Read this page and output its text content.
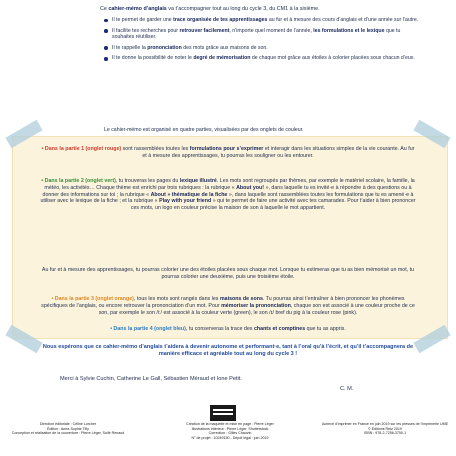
Ce cahier-mémo d’anglais va t’accompagner tout au long du cycle 3, du CM1 à la sixième.
Il te permet de garder une trace organisée de tes apprentissages au fur et à mesure des cours d’anglais et d’une année sur l’autre.
Il facilite tes recherches pour retrouver facilement, n’importe quel moment de l’année, les formulations et le lexique que tu souhaites réutiliser.
Il te rappelle la prononciation des mots grâce aux maisons de son.
Il te donne la possibilité de noter le degré de mémorisation de chaque mot grâce aux étoiles à colorier placées sous chacun d’eux.
Le cahier-mémo est organisé en quatre parties, visualisées par des onglets de couleur.
• Dans la partie 1 (onglet rouge) sont rassemblées toutes les formulations pour s’exprimer et interagir dans les situations simples de la vie courante. Au fur et à mesure des apprentissages, tu pourras les souligner ou les entourer.
• Dans la partie 2 (onglet vert), tu trouveras les pages du lexique illustré. Les mots sont regroupés par thèmes, par exemple le matériel scolaire, la famille, la météo, les activités… Chaque thème est enrichi par trois rubriques : la rubrique « About you! », dans laquelle tu es invité·e à répondre à des questions ou à donner des informations sur toi ; la rubrique « About » thématique de la fiche », dans laquelle sont rassemblées toutes les formulations que tu es amené·e à utiliser avec le lexique de la fiche ; et la rubrique « Play with your friend » qui te permet de faire une activité avec tes camarades. Pour t’aider à bien prononcer ces mots, un logo en couleur précise la maison de son à laquelle le mot appartient.
Au fur et à mesure des apprentissages, tu pourras colorier une des étoiles placées sous chaque mot. Lorsque tu estimeras que tu as bien mémorisé un mot, tu pourras colorier une deuxième, puis une troisième étoile.
• Dans la partie 3 (onglet orange), tous les mots sont rangés dans les maisons de sons. Tu pourras ainsi t’entraîner à bien prononcer les phonèmes spécifiques de l’anglais, ou encore retrouver la prononciation d’un mot. Pour mémoriser la prononciation, chaque son est associé à une couleur proche de ce son, par exemple le son /i:/ est associé à la couleur verte (green), le son /ɪ/ bref du pig à la couleur rose (pink).
• Dans la partie 4 (onglet bleu), tu conserveras la trace des chants et comptines que tu as appris.
Nous espérons que ce cahier-mémo d’anglais t’aidera à devenir autonome et performant·e, tant à l’oral qu’à l’écrit, et qu’il t’accompagnera de manière efficace et agréable tout au long du cycle 3 !
Merci à Sylvie Cuchin, Catherine Le Gall, Sébastien Méraud et Ione Petit.
C. M.
Direction éditoriale : Céline Lorcher
Édition : Anne-Sophie Tilly
Conception et réalisation de la couverture : Pierre Léger, Sullé Renaud
Création de la maquette et mise en page : Pierre Léger
Illustrations intérieur : Pierre Léger, Shutterstock
Correction : Gilles Chauvin
N° de projet : 10249150 - Dépôt légal : juin 2019
Achevé d’imprimer en France en juin 2019 sur les presses de l’imprimerie UME
© Éditions Retz 2019
ISBN : 978-2-7256-3750-1
